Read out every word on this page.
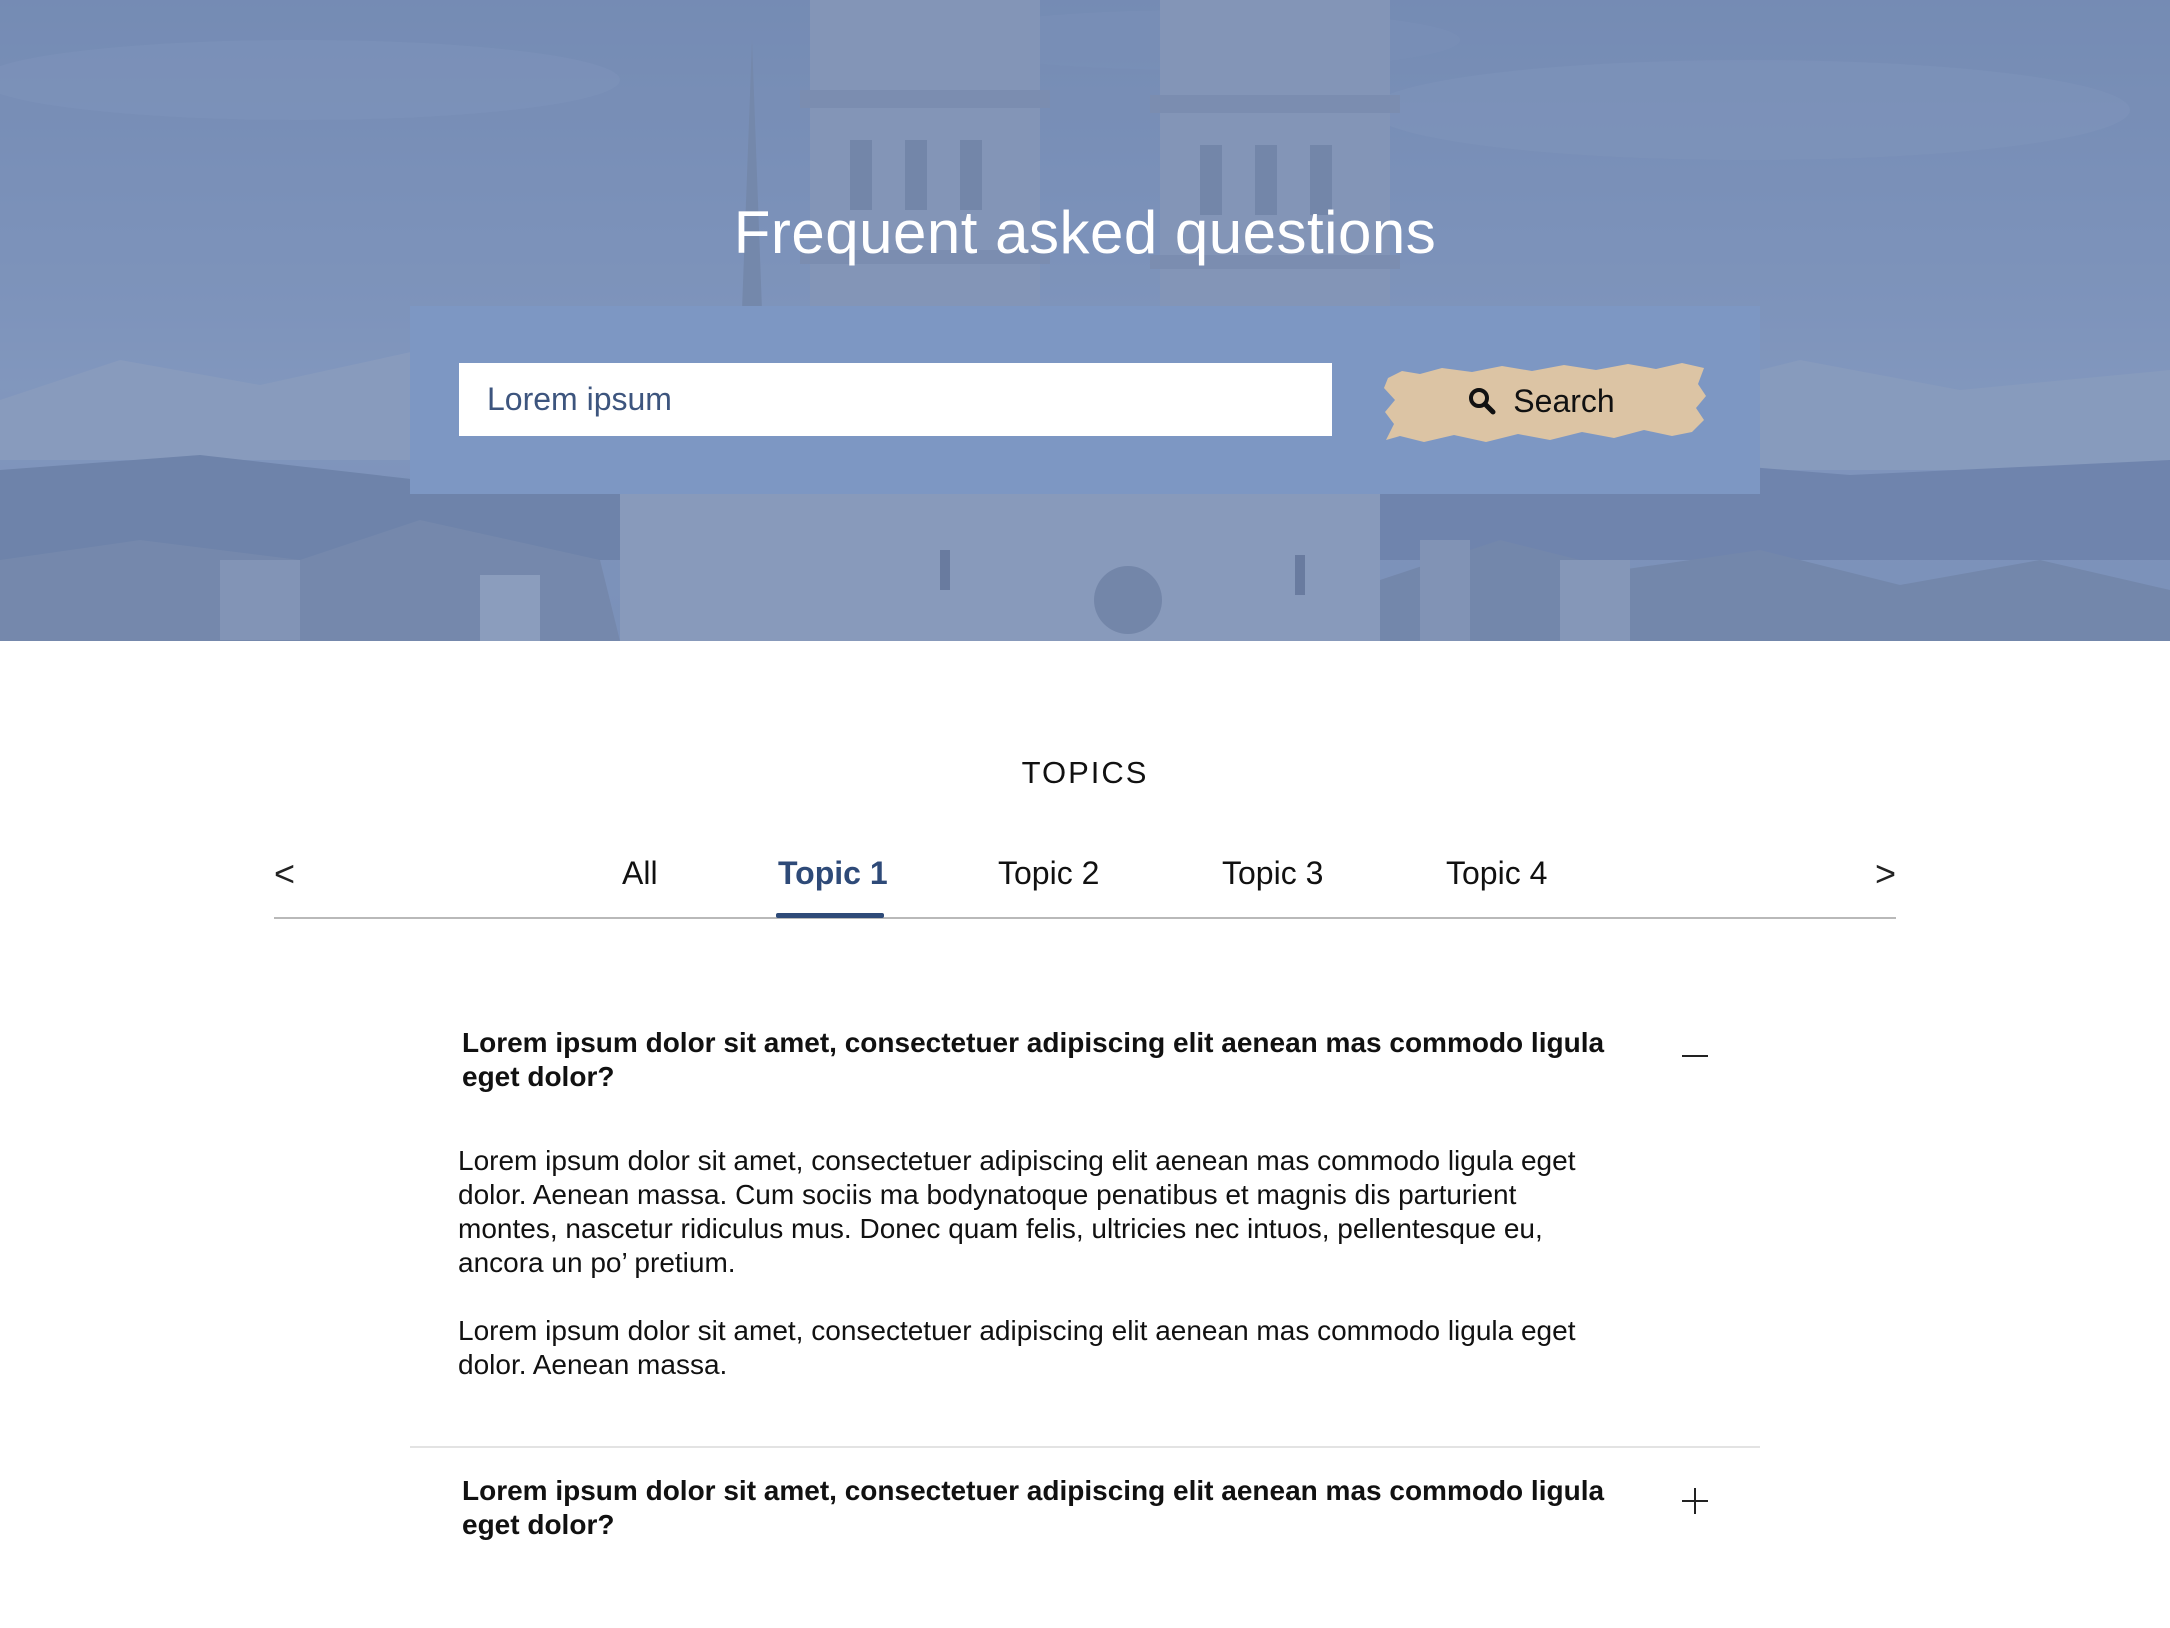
Frequent asked questions
Lorem ipsum
Search
TOPICS
<	All	Topic 1	Topic 2	Topic 3	Topic 4	>
Lorem ipsum dolor sit amet, consectetuer adipiscing elit aenean mas commodo ligula eget dolor?

Lorem ipsum dolor sit amet, consectetuer adipiscing elit aenean mas commodo ligula eget dolor. Aenean massa. Cum sociis ma bodynatoque penatibus et magnis dis parturient montes, nascetur ridiculus mus. Donec quam felis, ultricies nec intuos, pellentesque eu, ancora un po’ pretium.

Lorem ipsum dolor sit amet, consectetuer adipiscing elit aenean mas commodo ligula eget dolor. Aenean massa.

Lorem ipsum dolor sit amet, consectetuer adipiscing elit aenean mas commodo ligula eget dolor?
